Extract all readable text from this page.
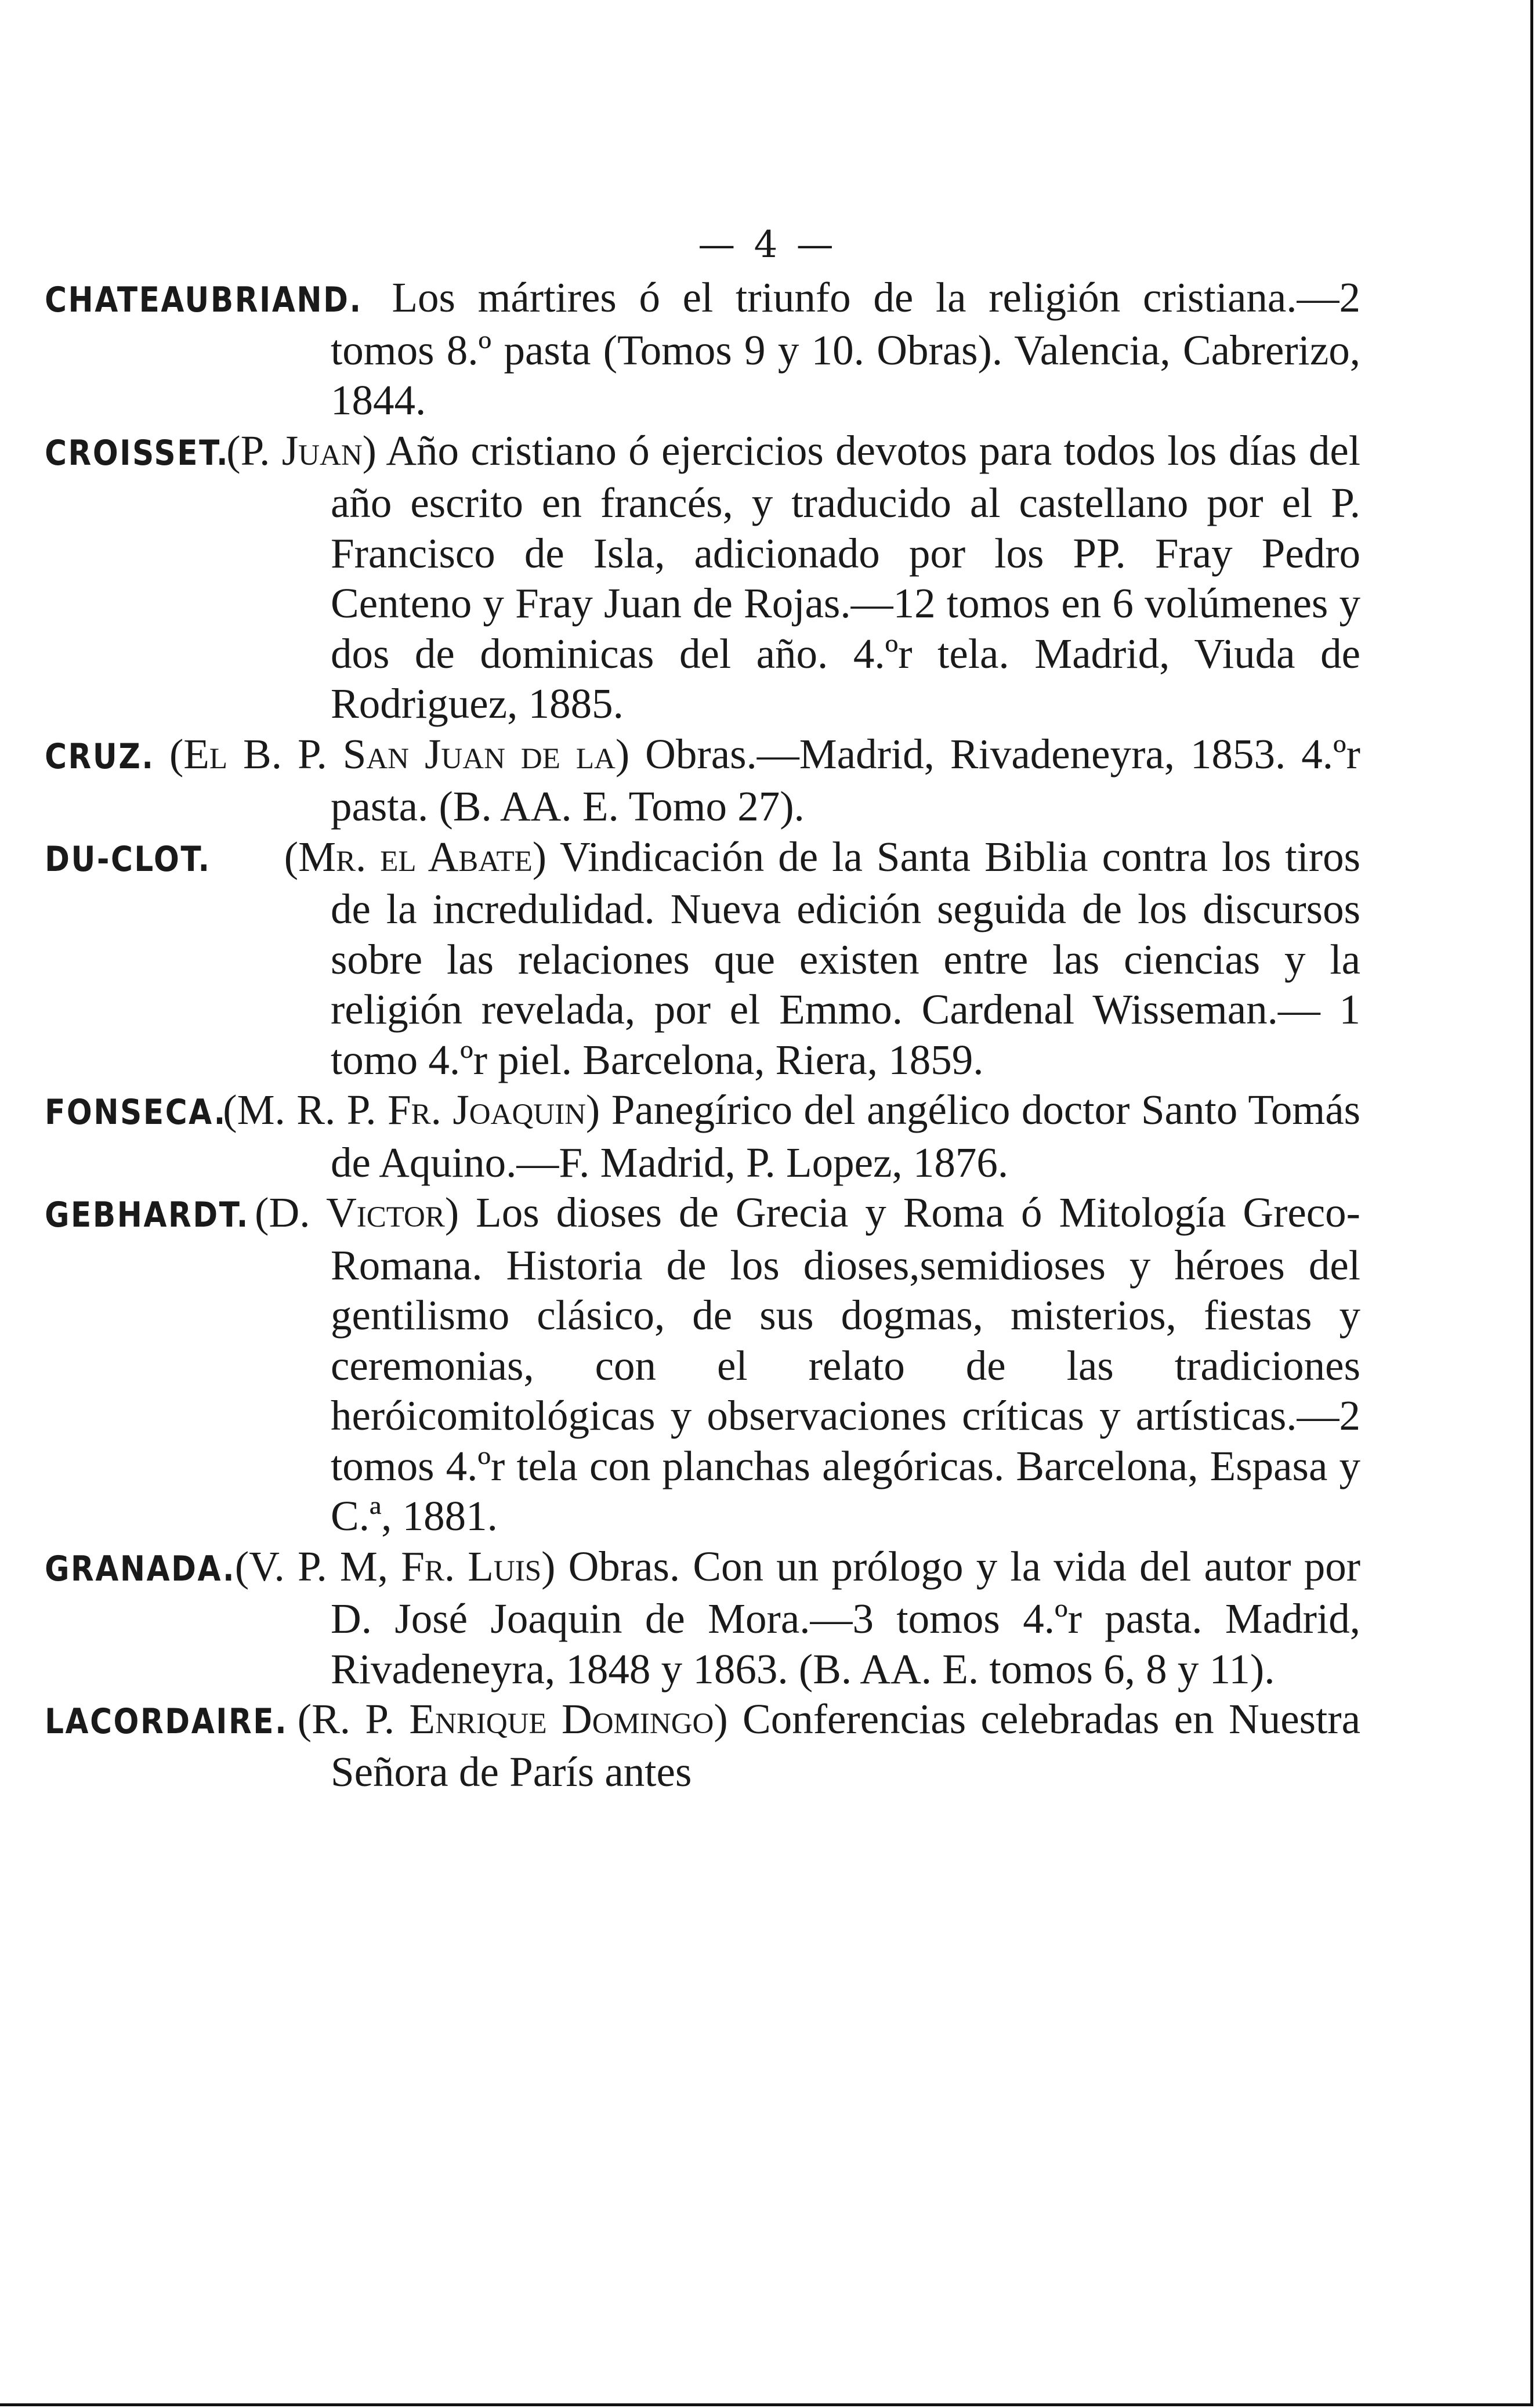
— 4 —

CHATEAUBRIAND. Los mártires ó el triunfo de la religión cristiana.—2 tomos 8.º pasta (Tomos 9 y 10. Obras). Valencia, Cabrerizo, 1844.

CROISSET. (P. Juan) Año cristiano ó ejercicios devotos para todos los días del año escrito en francés, y traducido al castellano por el P. Francisco de Isla, adicionado por los PP. Fray Pedro Centeno y Fray Juan de Rojas.—12 tomos en 6 volúmenes y dos de dominicas del año. 4.ºr tela. Madrid, Viuda de Rodriguez, 1885.

CRUZ. (El B. P. San Juan de la) Obras.—Madrid, Rivadeneyra, 1853. 4.ºr pasta. (B. AA. E. Tomo 27).

DU-CLOT. (Mr. el Abate) Vindicación de la Santa Biblia contra los tiros de la incredulidad. Nueva edición seguida de los discursos sobre las relaciones que existen entre las ciencias y la religión revelada, por el Emmo. Cardenal Wisseman.— 1 tomo 4.ºr piel. Barcelona, Riera, 1859.

FONSECA. (M. R. P. Fr. Joaquin) Panegírico del angélico doctor Santo Tomás de Aquino.—F. Madrid, P. Lopez, 1876.

GEBHARDT. (D. Victor) Los dioses de Grecia y Roma ó Mitología Greco-Romana. Historia de los dioses,semidioses y héroes del gentilismo clásico, de sus dogmas, misterios, fiestas y ceremonias, con el relato de las tradiciones heróicomitológicas y observaciones críticas y artísticas.—2 tomos 4.ºr tela con planchas alegóricas. Barcelona, Espasa y C.ª, 1881.

GRANADA. (V. P. M, Fr. Luis) Obras. Con un prólogo y la vida del autor por D. José Joaquin de Mora.—3 tomos 4.ºr pasta. Madrid, Rivadeneyra, 1848 y 1863. (B. AA. E. tomos 6, 8 y 11).

LACORDAIRE. (R. P. Enrique Domingo) Conferencias celebradas en Nuestra Señora de París antes
